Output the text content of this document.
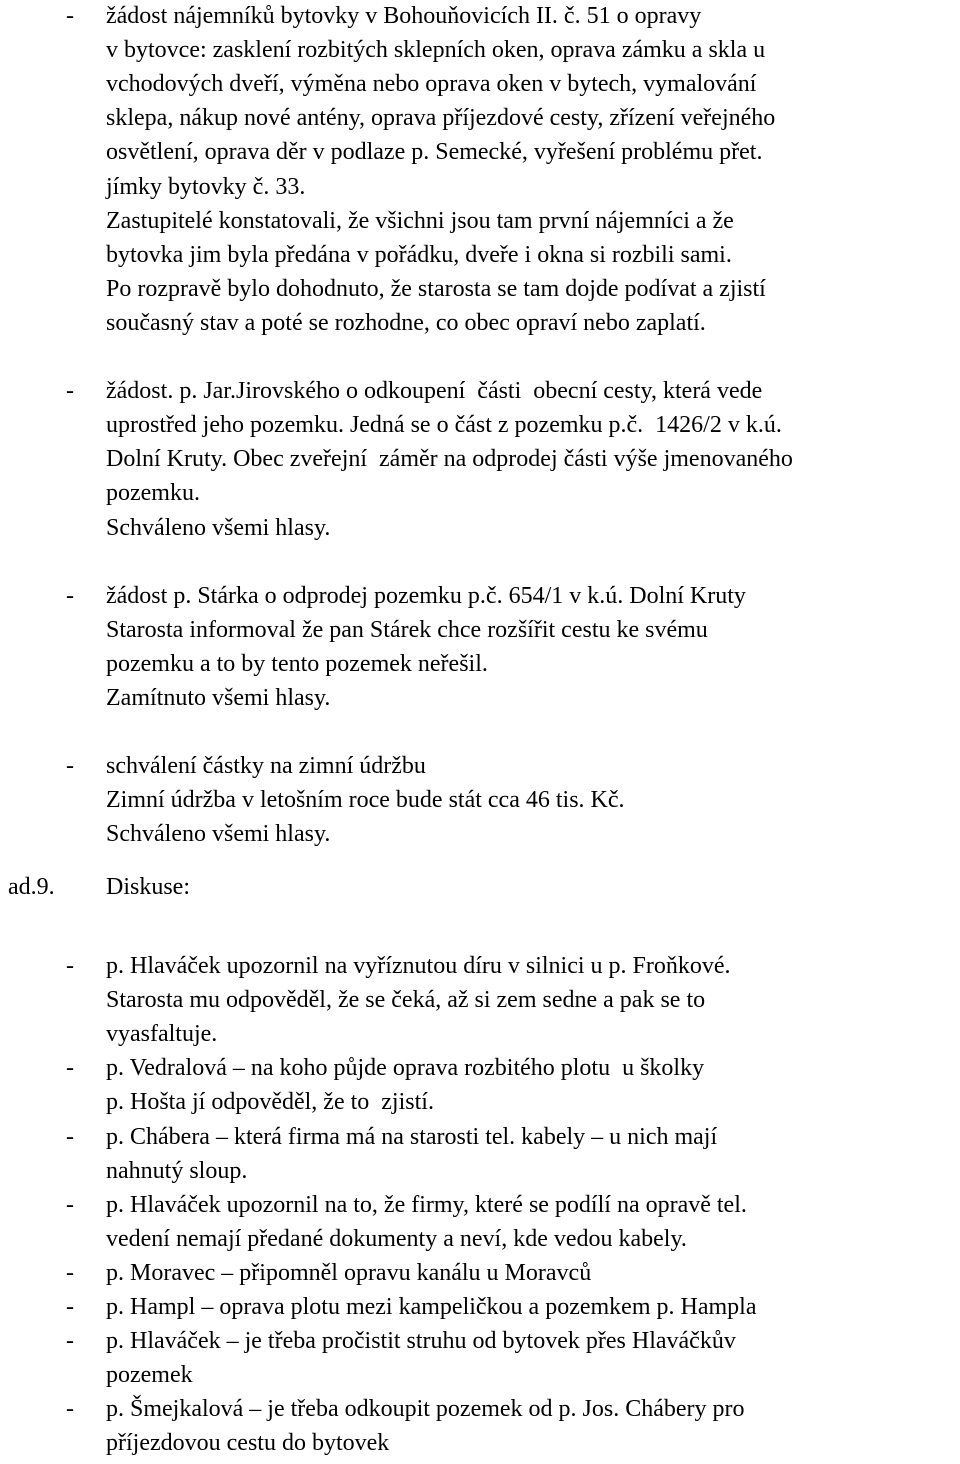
- žádost nájemníků bytovky v Bohouňovicích II. č. 51 o opravy
v bytovce: zasklení rozbitých sklepních oken, oprava zámku a skla u
vchodových dveří, výměna nebo oprava oken v bytech, vymalování
sklepa, nákup nové antény, oprava příjezdové cesty, zřízení veřejného
osvětlení, oprava děr v podlaze p. Semecké, vyřešení problému přet.
jímky bytovky č. 33.
Zastupitelé konstatovali, že všichni jsou tam první nájemníci a že
bytovka jim byla předána v pořádku, dveře i okna si rozbili sami.
Po rozpravě bylo dohodnuto, že starosta se tam dojde podívat a zjistí
současný stav a poté se rozhodne, co obec opraví nebo zaplatí.
- žádost. p. Jar.Jirovského o odkoupení  části  obecní cesty, která vede
uprostřed jeho pozemku. Jedná se o část z pozemku p.č.  1426/2 v k.ú.
Dolní Kruty. Obec zveřejní  záměr na odprodej části výše jmenovaného
pozemku.
Schváleno všemi hlasy.
- žádost p. Stárka o odprodej pozemku p.č. 654/1 v k.ú. Dolní Kruty
Starosta informoval že pan Stárek chce rozšířit cestu ke svému
pozemku a to by tento pozemek neřešil.
Zamítnuto všemi hlasy.
- schválení částky na zimní údržbu
Zimní údržba v letošním roce bude stát cca 46 tis. Kč.
Schváleno všemi hlasy.
ad.9. Diskuse:
- p. Hlaváček upozornil na vyříznutou díru v silnici u p. Froňkové.
Starosta mu odpověděl, že se čeká, až si zem sedne a pak se to
vyasfaltuje.
- p. Vedralová – na koho půjde oprava rozbitého plotu  u školky
p. Hošta jí odpověděl, že to  zjistí.
- p. Chábera – která firma má na starosti tel. kabely – u nich mají
nahnutý sloup.
- p. Hlaváček upozornil na to, že firmy, které se podílí na opravě tel.
vedení nemají předané dokumenty a neví, kde vedou kabely.
- p. Moravec – připomněl opravu kanálu u Moravců
- p. Hampl – oprava plotu mezi kampeličkou a pozemkem p. Hampla
- p. Hlaváček – je třeba pročistit struhu od bytovek přes Hlaváčkův
pozemek
- p. Šmejkalová – je třeba odkoupit pozemek od p. Jos. Chábery pro
příjezdovou cestu do bytovek
